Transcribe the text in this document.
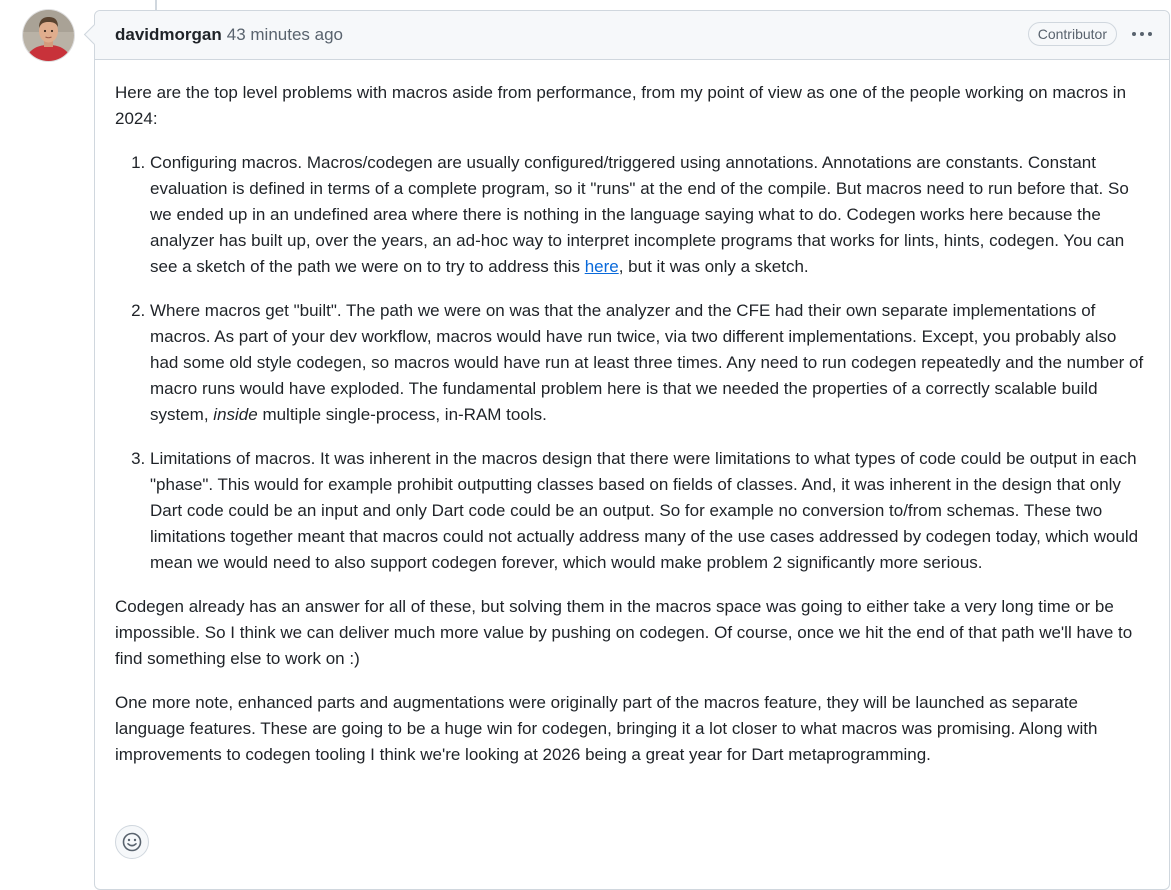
davidmorgan 43 minutes ago	Contributor

Here are the top level problems with macros aside from performance, from my point of view as one of the people working on macros in 2024:

1. Configuring macros. Macros/codegen are usually configured/triggered using annotations. Annotations are constants. Constant evaluation is defined in terms of a complete program, so it "runs" at the end of the compile. But macros need to run before that. So we ended up in an undefined area where there is nothing in the language saying what to do. Codegen works here because the analyzer has built up, over the years, an ad-hoc way to interpret incomplete programs that works for lints, hints, codegen. You can see a sketch of the path we were on to try to address this here, but it was only a sketch.
2. Where macros get "built". The path we were on was that the analyzer and the CFE had their own separate implementations of macros. As part of your dev workflow, macros would have run twice, via two different implementations. Except, you probably also had some old style codegen, so macros would have run at least three times. Any need to run codegen repeatedly and the number of macro runs would have exploded. The fundamental problem here is that we needed the properties of a correctly scalable build system, inside multiple single-process, in-RAM tools.
3. Limitations of macros. It was inherent in the macros design that there were limitations to what types of code could be output in each "phase". This would for example prohibit outputting classes based on fields of classes. And, it was inherent in the design that only Dart code could be an input and only Dart code could be an output. So for example no conversion to/from schemas. These two limitations together meant that macros could not actually address many of the use cases addressed by codegen today, which would mean we would need to also support codegen forever, which would make problem 2 significantly more serious.

Codegen already has an answer for all of these, but solving them in the macros space was going to either take a very long time or be impossible. So I think we can deliver much more value by pushing on codegen. Of course, once we hit the end of that path we'll have to find something else to work on :)

One more note, enhanced parts and augmentations were originally part of the macros feature, they will be launched as separate language features. These are going to be a huge win for codegen, bringing it a lot closer to what macros was promising. Along with improvements to codegen tooling I think we're looking at 2026 being a great year for Dart metaprogramming.
